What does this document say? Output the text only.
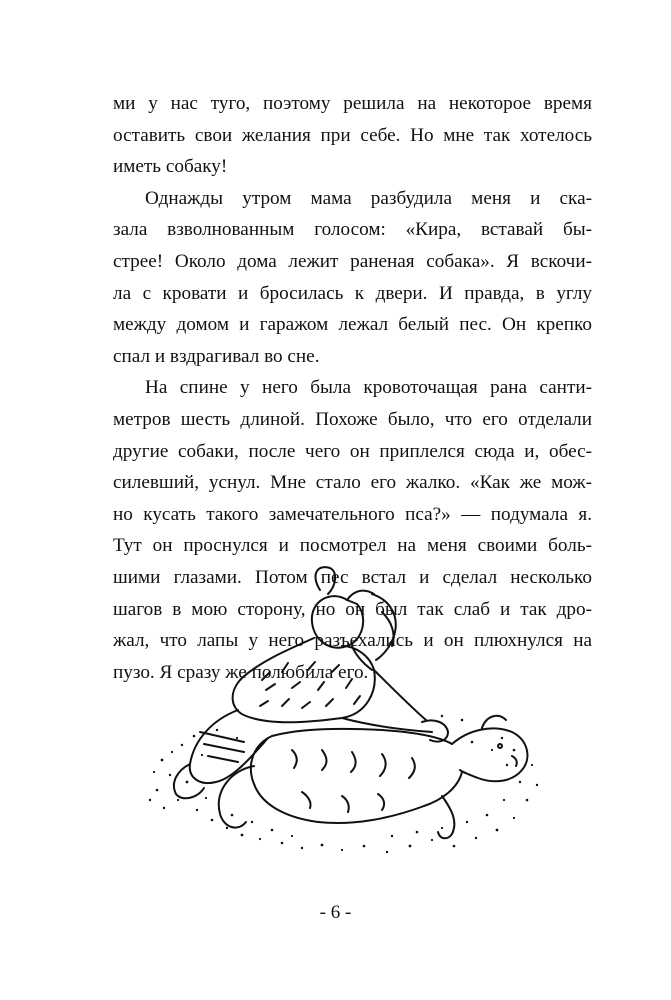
ми у нас туго, поэтому решила на некоторое время
оставить свои желания при себе. Но мне так хотелось
иметь собаку!
Однажды утром мама разбудила меня и ска-
зала взволнованным голосом: «Кира, вставай бы-
стрее! Около дома лежит раненая собака». Я вскочи-
ла с кровати и бросилась к двери. И правда, в углу
между домом и гаражом лежал белый пес. Он крепко
спал и вздрагивал во сне.
На спине у него была кровоточащая рана санти-
метров шесть длиной. Похоже было, что его отделали
другие собаки, после чего он приплелся сюда и, обес-
силевший, уснул. Мне стало его жалко. «Как же мож-
но кусать такого замечательного пса?» — подумала я.
Тут он проснулся и посмотрел на меня своими боль-
шими глазами. Потом пес встал и сделал несколько
шагов в мою сторону, но он был так слаб и так дро-
жал, что лапы у него разъехались и он плюхнулся на
пузо. Я сразу же полюбила его.
- 6 -
